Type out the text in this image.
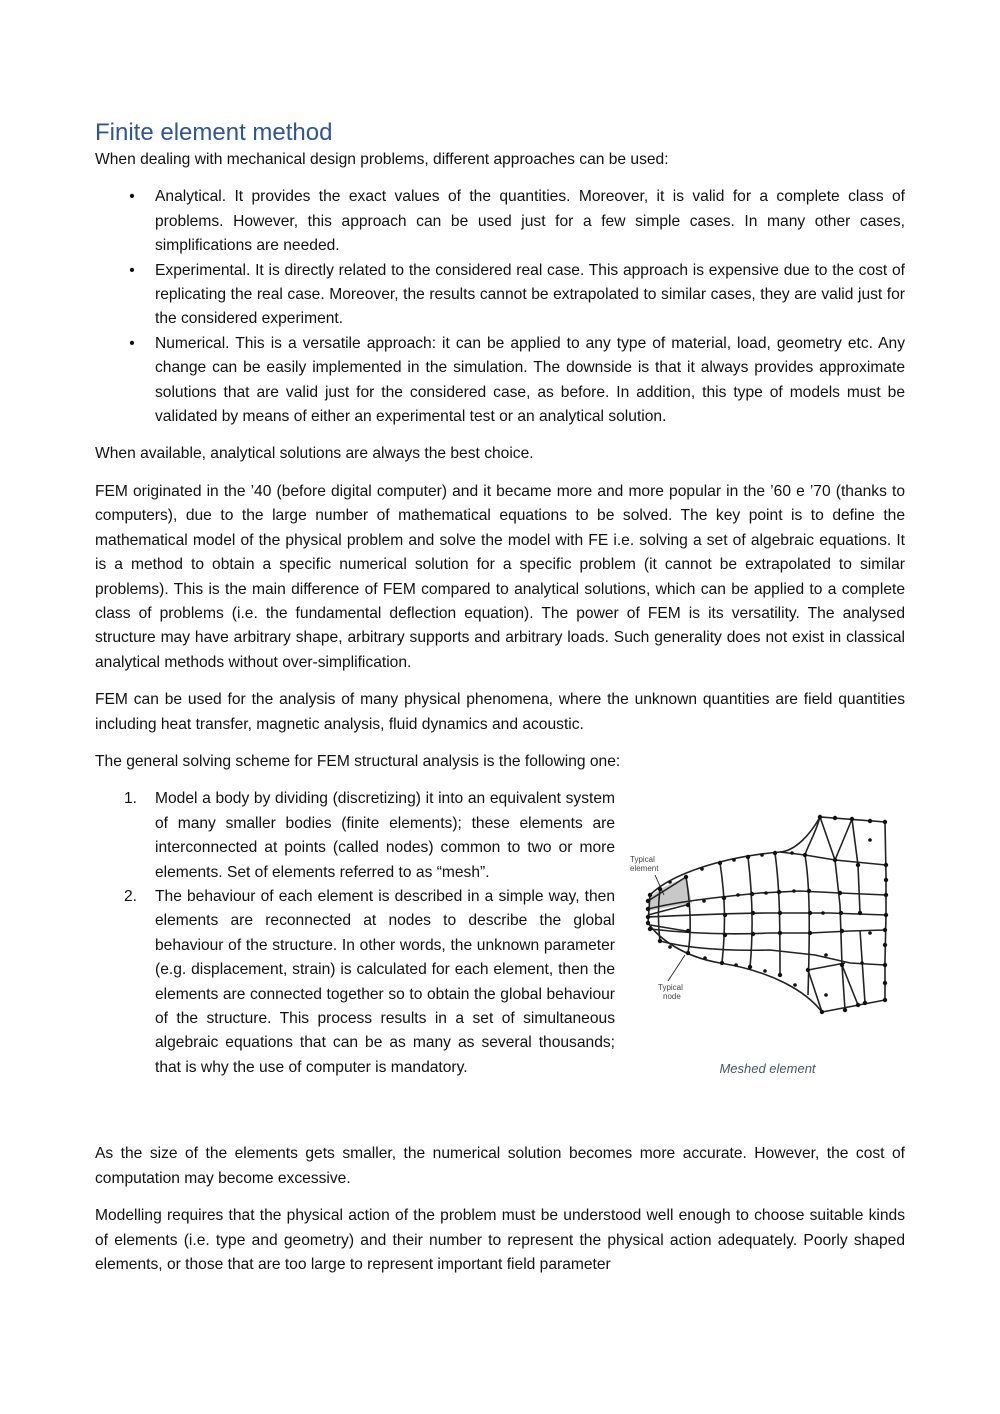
Finite element method

When dealing with mechanical design problems, different approaches can be used:

• Analytical. It provides the exact values of the quantities. Moreover, it is valid for a complete class of problems. However, this approach can be used just for a few simple cases. In many other cases, simplifications are needed.
• Experimental. It is directly related to the considered real case. This approach is expensive due to the cost of replicating the real case. Moreover, the results cannot be extrapolated to similar cases, they are valid just for the considered experiment.
• Numerical. This is a versatile approach: it can be applied to any type of material, load, geometry etc. Any change can be easily implemented in the simulation. The downside is that it always provides approximate solutions that are valid just for the considered case, as before. In addition, this type of models must be validated by means of either an experimental test or an analytical solution.

When available, analytical solutions are always the best choice.

FEM originated in the ’40 (before digital computer) and it became more and more popular in the ’60 e ’70 (thanks to computers), due to the large number of mathematical equations to be solved. The key point is to define the mathematical model of the physical problem and solve the model with FE i.e. solving a set of algebraic equations. It is a method to obtain a specific numerical solution for a specific problem (it cannot be extrapolated to similar problems). This is the main difference of FEM compared to analytical solutions, which can be applied to a complete class of problems (i.e. the fundamental deflection equation). The power of FEM is its versatility. The analysed structure may have arbitrary shape, arbitrary supports and arbitrary loads. Such generality does not exist in classical analytical methods without over-simplification.

FEM can be used for the analysis of many physical phenomena, where the unknown quantities are field quantities including heat transfer, magnetic analysis, fluid dynamics and acoustic.

The general solving scheme for FEM structural analysis is the following one:

1. Model a body by dividing (discretizing) it into an equivalent system of many smaller bodies (finite elements); these elements are interconnected at points (called nodes) common to two or more elements. Set of elements referred to as “mesh”.
2. The behaviour of each element is described in a simple way, then elements are reconnected at nodes to describe the global behaviour of the structure. In other words, the unknown parameter (e.g. displacement, strain) is calculated for each element, then the elements are connected together so to obtain the global behaviour of the structure. This process results in a set of simultaneous algebraic equations that can be as many as several thousands; that is why the use of computer is mandatory.
Typical
element
Typical
node
Meshed element

As the size of the elements gets smaller, the numerical solution becomes more accurate. However, the cost of computation may become excessive.

Modelling requires that the physical action of the problem must be understood well enough to choose suitable kinds of elements (i.e. type and geometry) and their number to represent the physical action adequately. Poorly shaped elements, or those that are too large to represent important field parameter
